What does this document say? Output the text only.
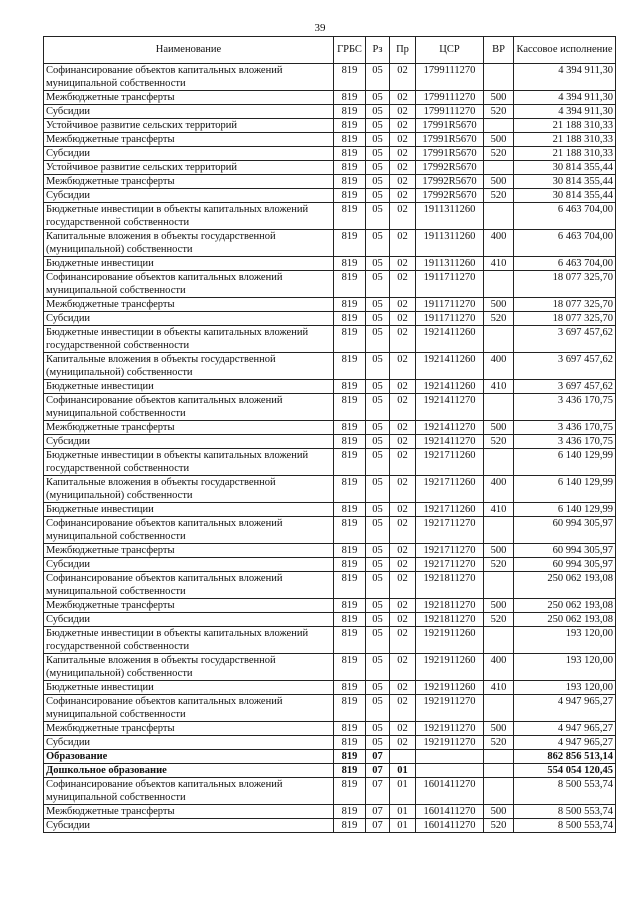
39
Наименование	ГРБС	Рз	Пр	ЦСР	ВР	Кассовое исполнение
Софинансирование объектов капитальных вложений муниципальной собственности	819	05	02	1799111270		4 394 911,30
Межбюджетные трансферты	819	05	02	1799111270	500	4 394 911,30
Субсидии	819	05	02	1799111270	520	4 394 911,30
Устойчивое развитие сельских территорий	819	05	02	17991R5670		21 188 310,33
Межбюджетные трансферты	819	05	02	17991R5670	500	21 188 310,33
Субсидии	819	05	02	17991R5670	520	21 188 310,33
Устойчивое развитие сельских территорий	819	05	02	17992R5670		30 814 355,44
Межбюджетные трансферты	819	05	02	17992R5670	500	30 814 355,44
Субсидии	819	05	02	17992R5670	520	30 814 355,44
Бюджетные инвестиции в объекты капитальных вложений государственной собственности	819	05	02	1911311260		6 463 704,00
Капитальные вложения в объекты государственной (муниципальной) собственности	819	05	02	1911311260	400	6 463 704,00
Бюджетные инвестиции	819	05	02	1911311260	410	6 463 704,00
Софинансирование объектов капитальных вложений муниципальной собственности	819	05	02	1911711270		18 077 325,70
Межбюджетные трансферты	819	05	02	1911711270	500	18 077 325,70
Субсидии	819	05	02	1911711270	520	18 077 325,70
Бюджетные инвестиции в объекты капитальных вложений государственной собственности	819	05	02	1921411260		3 697 457,62
Капитальные вложения в объекты государственной (муниципальной) собственности	819	05	02	1921411260	400	3 697 457,62
Бюджетные инвестиции	819	05	02	1921411260	410	3 697 457,62
Софинансирование объектов капитальных вложений муниципальной собственности	819	05	02	1921411270		3 436 170,75
Межбюджетные трансферты	819	05	02	1921411270	500	3 436 170,75
Субсидии	819	05	02	1921411270	520	3 436 170,75
Бюджетные инвестиции в объекты капитальных вложений государственной собственности	819	05	02	1921711260		6 140 129,99
Капитальные вложения в объекты государственной (муниципальной) собственности	819	05	02	1921711260	400	6 140 129,99
Бюджетные инвестиции	819	05	02	1921711260	410	6 140 129,99
Софинансирование объектов капитальных вложений муниципальной собственности	819	05	02	1921711270		60 994 305,97
Межбюджетные трансферты	819	05	02	1921711270	500	60 994 305,97
Субсидии	819	05	02	1921711270	520	60 994 305,97
Софинансирование объектов капитальных вложений муниципальной собственности	819	05	02	1921811270		250 062 193,08
Межбюджетные трансферты	819	05	02	1921811270	500	250 062 193,08
Субсидии	819	05	02	1921811270	520	250 062 193,08
Бюджетные инвестиции в объекты капитальных вложений государственной собственности	819	05	02	1921911260		193 120,00
Капитальные вложения в объекты государственной (муниципальной) собственности	819	05	02	1921911260	400	193 120,00
Бюджетные инвестиции	819	05	02	1921911260	410	193 120,00
Софинансирование объектов капитальных вложений муниципальной собственности	819	05	02	1921911270		4 947 965,27
Межбюджетные трансферты	819	05	02	1921911270	500	4 947 965,27
Субсидии	819	05	02	1921911270	520	4 947 965,27
Образование	819	07				862 856 513,14
Дошкольное образование	819	07	01			554 054 120,45
Софинансирование объектов капитальных вложений муниципальной собственности	819	07	01	1601411270		8 500 553,74
Межбюджетные трансферты	819	07	01	1601411270	500	8 500 553,74
Субсидии	819	07	01	1601411270	520	8 500 553,74
